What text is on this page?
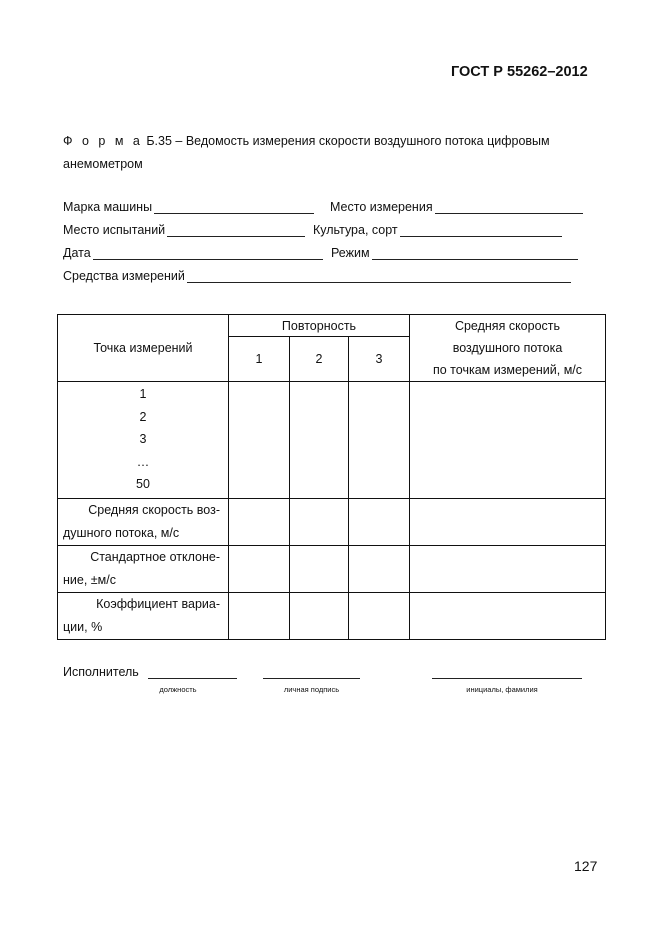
ГОСТ Р 55262–2012
Ф о р м а Б.35 – Ведомость измерения скорости воздушного потока цифровым анемометром
Марка машины	Место измерения
Место испытаний	Культура, сорт
Дата	Режим
Средства измерений
Точка измерений	Повторность			Средняя скорость
воздушного потока
по точкам измерений, м/с
	1	2	3	

1
2
3
…
50				

Средняя скорость воз-
душного потока, м/с				

Стандартное отклоне-
ние, ±м/с				

Коэффициент вариа-
ции, %				

Исполнитель
должность	личная подпись	инициалы, фамилия
127
